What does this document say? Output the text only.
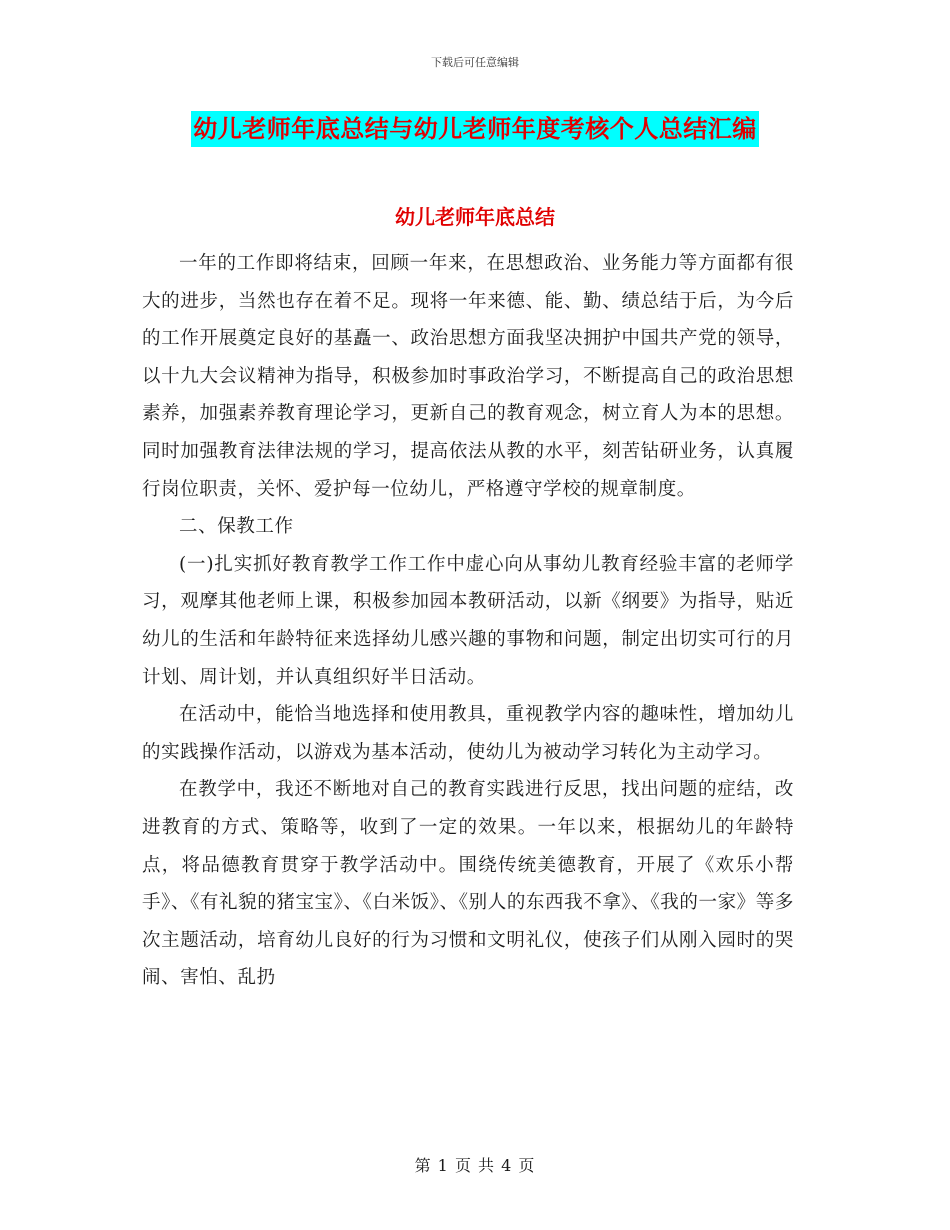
下载后可任意编辑
幼儿老师年底总结与幼儿老师年度考核个人总结汇编
幼儿老师年底总结

一年的工作即将结束，回顾一年来，在思想政治、业务能力等方面都有很大的进步，当然也存在着不足。现将一年来德、能、勤、绩总结于后，为今后的工作开展奠定良好的基矗一、政治思想方面我坚决拥护中国共产党的领导，以十九大会议精神为指导，积极参加时事政治学习，不断提高自己的政治思想素养，加强素养教育理论学习，更新自己的教育观念，树立育人为本的思想。同时加强教育法律法规的学习，提高依法从教的水平，刻苦钻研业务，认真履行岗位职责，关怀、爱护每一位幼儿，严格遵守学校的规章制度。

二、保教工作

(一)扎实抓好教育教学工作工作中虚心向从事幼儿教育经验丰富的老师学习，观摩其他老师上课，积极参加园本教研活动，以新《纲要》为指导，贴近幼儿的生活和年龄特征来选择幼儿感兴趣的事物和问题，制定出切实可行的月计划、周计划，并认真组织好半日活动。

在活动中，能恰当地选择和使用教具，重视教学内容的趣味性，增加幼儿的实践操作活动，以游戏为基本活动，使幼儿为被动学习转化为主动学习。

在教学中，我还不断地对自己的教育实践进行反思，找出问题的症结，改进教育的方式、策略等，收到了一定的效果。一年以来，根据幼儿的年龄特点，将品德教育贯穿于教学活动中。围绕传统美德教育，开展了《欢乐小帮手》、《有礼貌的猪宝宝》、《白米饭》、《别人的东西我不拿》、《我的一家》等多次主题活动，培育幼儿良好的行为习惯和文明礼仪，使孩子们从刚入园时的哭闹、害怕、乱扔

第 1 页 共 4 页
